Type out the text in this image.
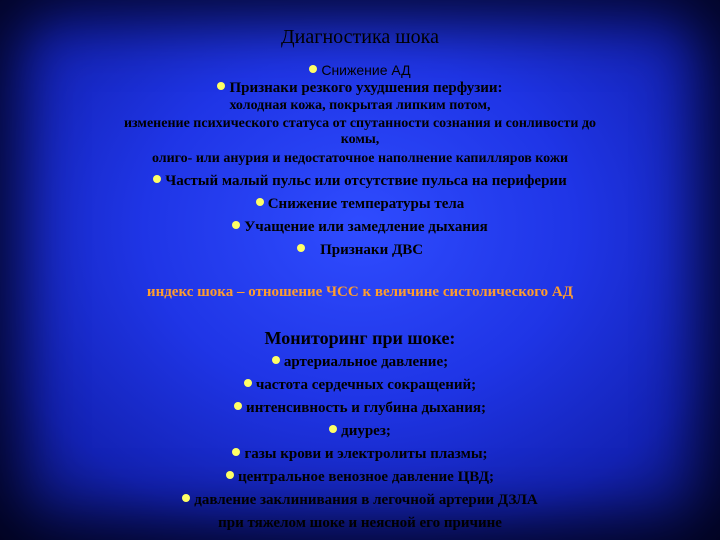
Диагностика шока
Снижение АД
Признаки резкого ухудшения перфузии:
холодная кожа, покрытая липким потом,
изменение психического статуса от спутанности сознания и сонливости до
комы,
олиго- или анурия и недостаточное наполнение капилляров кожи
Частый малый пульс или отсутствие пульса на периферии
Снижение температуры тела
Учащение или замедление дыхания
Признаки ДВС
индекс шока – отношение ЧСС к величине систолического АД
Мониторинг при шоке:
артериальное давление;
частота сердечных сокращений;
интенсивность и глубина дыхания;
диурез;
газы крови и электролиты плазмы;
центральное венозное давление ЦВД;
давление заклинивания в легочной артерии ДЗЛА
при тяжелом шоке и неясной его причине
